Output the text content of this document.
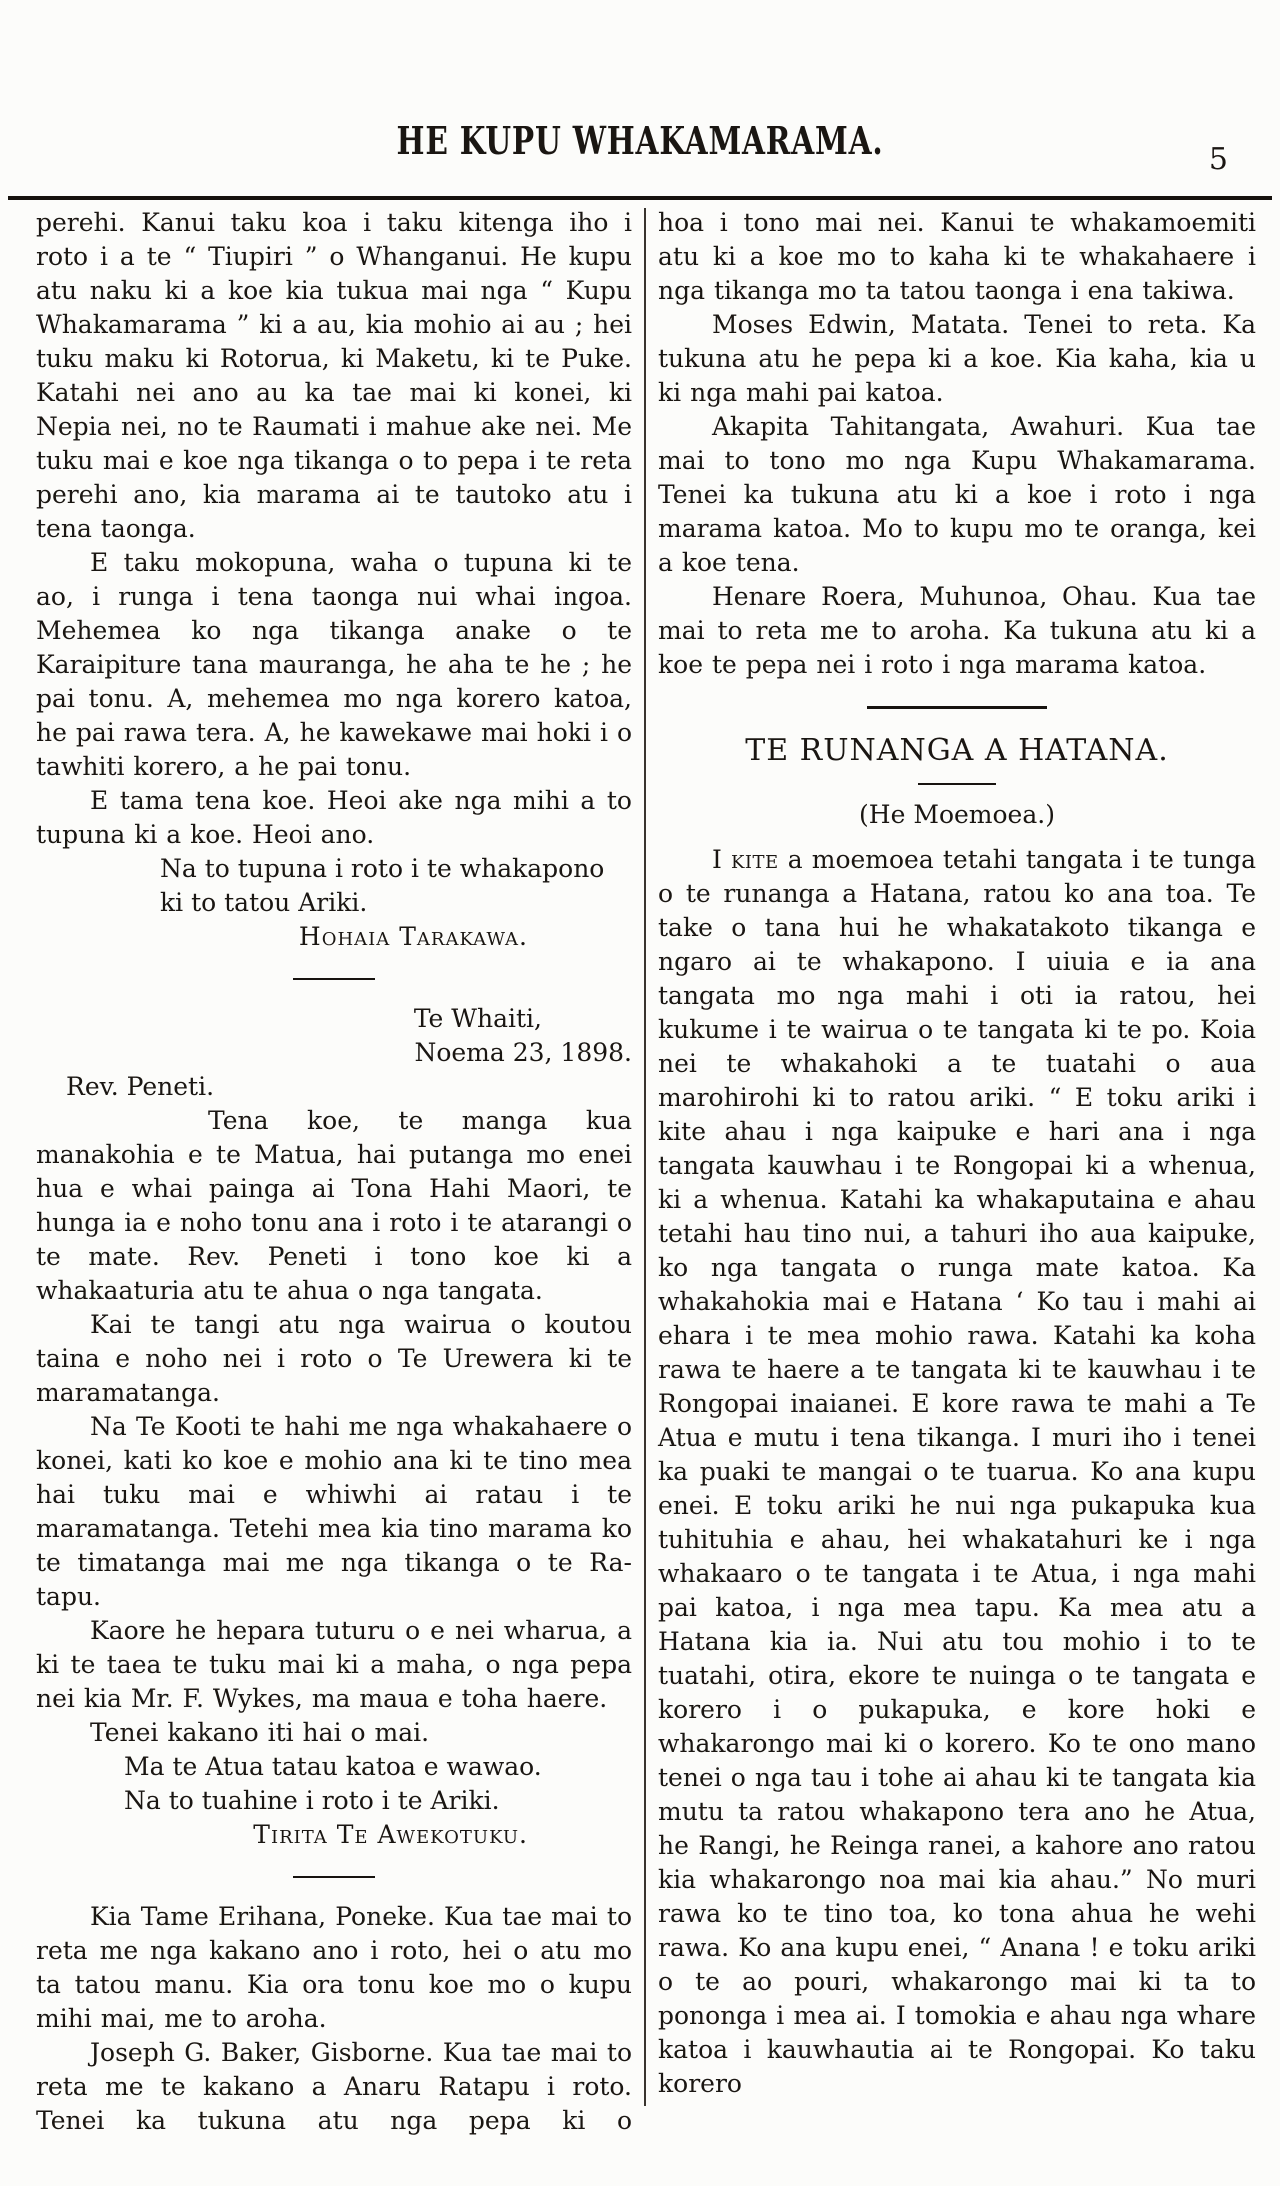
HE KUPU WHAKAMARAMA.	5

perehi. Kanui taku koa i taku kitenga iho i roto i a te “ Tiupiri ” o Whanganui. He kupu atu naku ki a koe kia tukua mai nga “ Kupu Whakamarama ” ki a au, kia mohio ai au ; hei tuku maku ki Rotorua, ki Maketu, ki te Puke. Katahi nei ano au ka tae mai ki konei, ki Nepia nei, no te Raumati i mahue ake nei. Me tuku mai e koe nga tikanga o to pepa i te reta perehi ano, kia marama ai te tautoko atu i tena taonga.

E taku mokopuna, waha o tupuna ki te ao, i runga i tena taonga nui whai ingoa. Mehemea ko nga tikanga anake o te Karaipiture tana mauranga, he aha te he ; he pai tonu. A, mehemea mo nga korero katoa, he pai rawa tera. A, he kawekawe mai hoki i o tawhiti korero, a he pai tonu.

E tama tena koe. Heoi ake nga mihi a to tupuna ki a koe. Heoi ano.

Na to tupuna i roto i te whakapono
ki to tatou Ariki.
Hohaia Tarakawa.
Te Whaiti,
Noema 23, 1898.
Rev. Peneti.

Tena koe, te manga kua manakohia e te Matua, hai putanga mo enei hua e whai painga ai Tona Hahi Maori, te hunga ia e noho tonu ana i roto i te atarangi o te mate. Rev. Peneti i tono koe ki a whakaaturia atu te ahua o nga tangata.

Kai te tangi atu nga wairua o koutou taina e noho nei i roto o Te Urewera ki te maramatanga.

Na Te Kooti te hahi me nga whakahaere o konei, kati ko koe e mohio ana ki te tino mea hai tuku mai e whiwhi ai ratau i te maramatanga. Tetehi mea kia tino marama ko te timatanga mai me nga tikanga o te Ra-tapu.

Kaore he hepara tuturu o e nei wharua, a ki te taea te tuku mai ki a maha, o nga pepa nei kia Mr. F. Wykes, ma maua e toha haere.

Tenei kakano iti hai o mai.

Ma te Atua tatau katoa e wawao.
Na to tuahine i roto i te Ariki.
Tirita Te Awekotuku.

Kia Tame Erihana, Poneke. Kua tae mai to reta me nga kakano ano i roto, hei o atu mo ta tatou manu. Kia ora tonu koe mo o kupu mihi mai, me to aroha.

Joseph G. Baker, Gisborne. Kua tae mai to reta me te kakano a Anaru Ratapu i roto. Tenei ka tukuna atu nga pepa ki o

hoa i tono mai nei. Kanui te whakamoemiti atu ki a koe mo to kaha ki te whakahaere i nga tikanga mo ta tatou taonga i ena takiwa.

Moses Edwin, Matata. Tenei to reta. Ka tukuna atu he pepa ki a koe. Kia kaha, kia u ki nga mahi pai katoa.

Akapita Tahitangata, Awahuri. Kua tae mai to tono mo nga Kupu Whakamarama. Tenei ka tukuna atu ki a koe i roto i nga marama katoa. Mo to kupu mo te oranga, kei a koe tena.

Henare Roera, Muhunoa, Ohau. Kua tae mai to reta me to aroha. Ka tukuna atu ki a koe te pepa nei i roto i nga marama katoa.

TE RUNANGA A HATANA.
(He Moemoea.)

I kite a moemoea tetahi tangata i te tunga o te runanga a Hatana, ratou ko ana toa. Te take o tana hui he whakatakoto tikanga e ngaro ai te whakapono. I uiuia e ia ana tangata mo nga mahi i oti ia ratou, hei kukume i te wairua o te tangata ki te po. Koia nei te whakahoki a te tuatahi o aua marohirohi ki to ratou ariki. “ E toku ariki i kite ahau i nga kaipuke e hari ana i nga tangata kauwhau i te Rongopai ki a whenua, ki a whenua. Katahi ka whakaputaina e ahau tetahi hau tino nui, a tahuri iho aua kaipuke, ko nga tangata o runga mate katoa. Ka whakahokia mai e Hatana ‘ Ko tau i mahi ai ehara i te mea mohio rawa. Katahi ka koha rawa te haere a te tangata ki te kauwhau i te Rongopai inaianei. E kore rawa te mahi a Te Atua e mutu i tena tikanga. I muri iho i tenei ka puaki te mangai o te tuarua. Ko ana kupu enei. E toku ariki he nui nga pukapuka kua tuhituhia e ahau, hei whakatahuri ke i nga whakaaro o te tangata i te Atua, i nga mahi pai katoa, i nga mea tapu. Ka mea atu a Hatana kia ia. Nui atu tou mohio i to te tuatahi, otira, ekore te nuinga o te tangata e korero i o pukapuka, e kore hoki e whakarongo mai ki o korero. Ko te ono mano tenei o nga tau i tohe ai ahau ki te tangata kia mutu ta ratou whakapono tera ano he Atua, he Rangi, he Reinga ranei, a kahore ano ratou kia whakarongo noa mai kia ahau.” No muri rawa ko te tino toa, ko tona ahua he wehi rawa. Ko ana kupu enei, “ Anana ! e toku ariki o te ao pouri, whakarongo mai ki ta to pononga i mea ai. I tomokia e ahau nga whare katoa i kauwhautia ai te Rongopai. Ko taku korero
